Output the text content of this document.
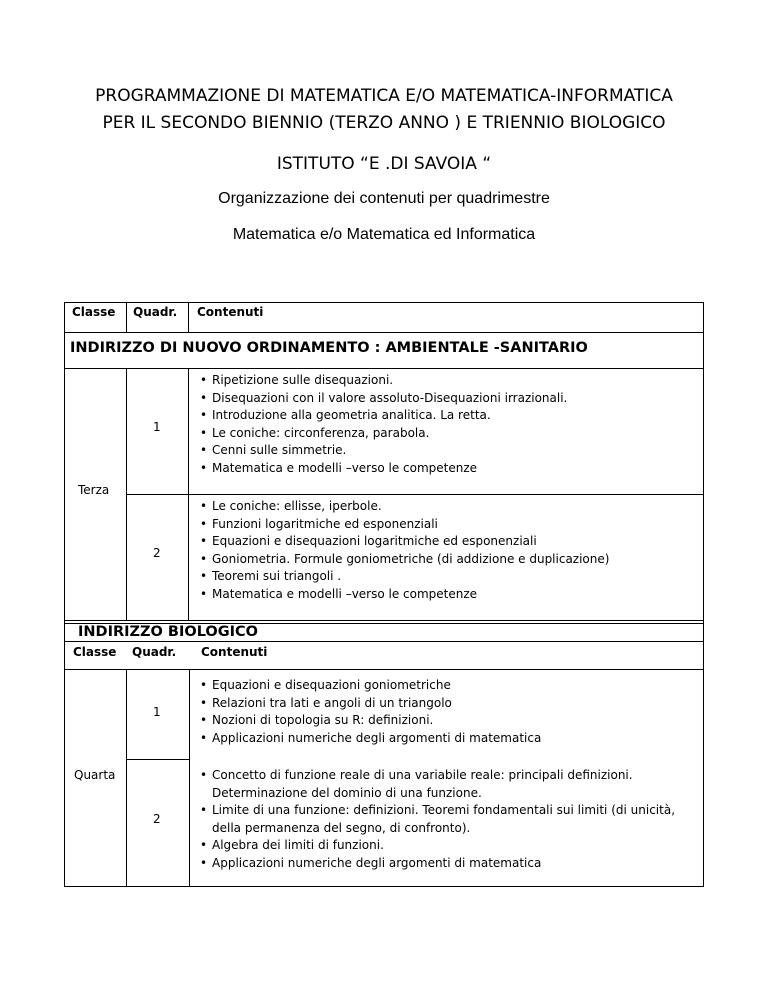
PROGRAMMAZIONE DI MATEMATICA E/O MATEMATICA-INFORMATICA
PER IL SECONDO BIENNIO (TERZO ANNO ) E TRIENNIO BIOLOGICO
ISTITUTO “E .DI SAVOIA “
Organizzazione dei contenuti per quadrimestre
Matematica e/o Matematica ed Informatica
Classe Quadr. Contenuti
INDIRIZZO DI NUOVO ORDINAMENTO : AMBIENTALE -SANITARIO
Terza
1
• Ripetizione sulle disequazioni.
• Disequazioni con il valore assoluto-Disequazioni irrazionali.
• Introduzione alla geometria analitica. La retta.
• Le coniche: circonferenza, parabola.
• Cenni sulle simmetrie.
• Matematica e modelli –verso le competenze
2
• Le coniche: ellisse, iperbole.
• Funzioni logaritmiche ed esponenziali
• Equazioni e disequazioni logaritmiche ed esponenziali
• Goniometria. Formule goniometriche (di addizione e duplicazione)
• Teoremi sui triangoli .
• Matematica e modelli –verso le competenze
INDIRIZZO BIOLOGICO
Classe Quadr. Contenuti
Quarta
1
• Equazioni e disequazioni goniometriche
• Relazioni tra lati e angoli di un triangolo
• Nozioni di topologia su R: definizioni.
• Applicazioni numeriche degli argomenti di matematica
2
• Concetto di funzione reale di una variabile reale: principali definizioni. Determinazione del dominio di una funzione.
• Limite di una funzione: definizioni. Teoremi fondamentali sui limiti (di unicità, della permanenza del segno, di confronto).
• Algebra dei limiti di funzioni.
• Applicazioni numeriche degli argomenti di matematica
